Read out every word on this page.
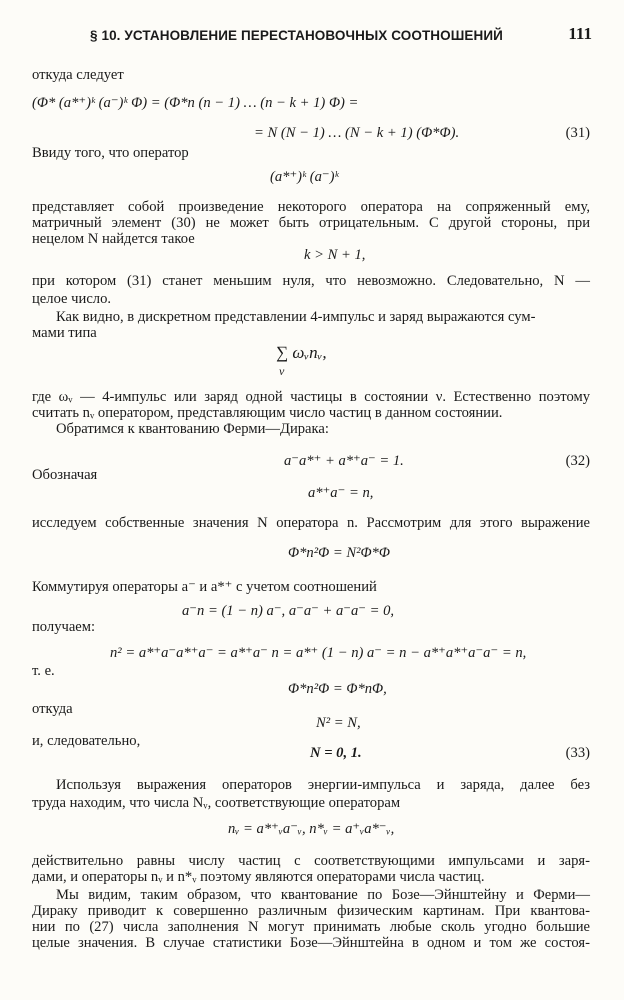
§ 10. УСТАНОВЛЕНИЕ ПЕРЕСТАНОВОЧНЫХ СООТНОШЕНИЙ	111
откуда следует
(Φ* (a*⁺)ᵏ (a⁻)ᵏ Φ) = (Φ*n (n − 1) … (n − k + 1) Φ) =
= N (N − 1) … (N − k + 1) (Φ*Φ).	(31)
Ввиду того, что оператор
(a*⁺)ᵏ (a⁻)ᵏ
представляет собой произведение некоторого оператора на сопряженный ему,
матричный элемент (30) не может быть отрицательным. С другой стороны, при
нецелом N найдется такое
k > N + 1,
при котором (31) станет меньшим нуля, что невозможно. Следовательно, N —
целое число.
Как видно, в дискретном представлении 4-импульс и заряд выражаются сум-
мами типа
∑ ωᵥnᵥ,
ν
где ωᵥ — 4-импульс или заряд одной частицы в состоянии ν. Естественно поэтому
считать nᵥ оператором, представляющим число частиц в данном состоянии.
Обратимся к квантованию Ферми—Дирака:
a⁻a*⁺ + a*⁺a⁻ = 1.	(32)
Обозначая
a*⁺a⁻ = n,
исследуем собственные значения N оператора n. Рассмотрим для этого выражение
Φ*n²Φ = N²Φ*Φ
Коммутируя операторы a⁻ и a*⁺ с учетом соотношений
a⁻n = (1 − n) a⁻, a⁻a⁻ + a⁻a⁻ = 0,
получаем:
n² = a*⁺a⁻a*⁺a⁻ = a*⁺a⁻ n = a*⁺ (1 − n) a⁻ = n − a*⁺a*⁺a⁻a⁻ = n,
т. е.
Φ*n²Φ = Φ*nΦ,
откуда
N² = N,
и, следовательно,
N = 0, 1.	(33)
Используя выражения операторов энергии-импульса и заряда, далее без
труда находим, что числа Nᵥ, соответствующие операторам
nᵥ = a*⁺ᵥa⁻ᵥ, n*ᵥ = a⁺ᵥa*⁻ᵥ,
действительно равны числу частиц с соответствующими импульсами и заря-
дами, и операторы nᵥ и n*ᵥ поэтому являются операторами числа частиц.
Мы видим, таким образом, что квантование по Бозе—Эйнштейну и Ферми—
Дираку приводит к совершенно различным физическим картинам. При квантова-
нии по (27) числа заполнения N могут принимать любые сколь угодно большие
целые значения. В случае статистики Бозе—Эйнштейна в одном и том же состоя-
